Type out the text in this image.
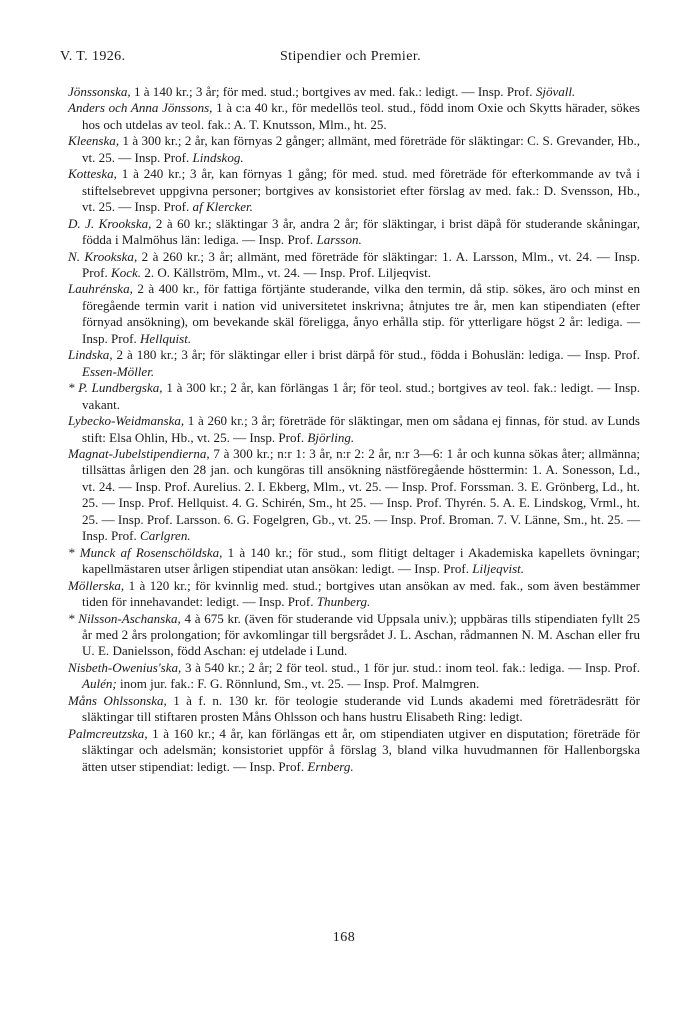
V. T. 1926.	Stipendier och Premier.

Jönssonska, 1 à 140 kr.; 3 år; för med. stud.; bortgives av med. fak.: ledigt. — Insp. Prof. Sjövall.

Anders och Anna Jönssons, 1 à c:a 40 kr., för medellös teol. stud., född inom Oxie och Skytts härader, sökes hos och utdelas av teol. fak.: A. T. Knutsson, Mlm., ht. 25.

Kleenska, 1 à 300 kr.; 2 år, kan förnyas 2 gånger; allmänt, med företräde för släktingar: C. S. Grevander, Hb., vt. 25. — Insp. Prof. Lindskog.

Kotteska, 1 à 240 kr.; 3 år, kan förnyas 1 gång; för med. stud. med företräde för efterkommande av två i stiftelsebrevet uppgivna personer; bortgives av konsistoriet efter förslag av med. fak.: D. Svensson, Hb., vt. 25. — Insp. Prof. af Klercker.

D. J. Krookska, 2 à 60 kr.; släktingar 3 år, andra 2 år; för släktingar, i brist däpå för studerande skåningar, födda i Malmöhus län: lediga. — Insp. Prof. Larsson.

N. Krookska, 2 à 260 kr.; 3 år; allmänt, med företräde för släktingar: 1. A. Larsson, Mlm., vt. 24. — Insp. Prof. Kock. 2. O. Källström, Mlm., vt. 24. — Insp. Prof. Liljeqvist.

Lauhrénska, 2 à 400 kr., för fattiga förtjänte studerande, vilka den termin, då stip. sökes, äro och minst en föregående termin varit i nation vid universitetet inskrivna; åtnjutes tre år, men kan stipendiaten (efter förnyad ansökning), om bevekande skäl föreligga, ånyo erhålla stip. för ytterligare högst 2 år: lediga. — Insp. Prof. Hellquist.

Lindska, 2 à 180 kr.; 3 år; för släktingar eller i brist därpå för stud., födda i Bohuslän: lediga. — Insp. Prof. Essen-Möller.

* P. Lundbergska, 1 à 300 kr.; 2 år, kan förlängas 1 år; för teol. stud.; bortgives av teol. fak.: ledigt. — Insp. vakant.

Lybecko-Weidmanska, 1 à 260 kr.; 3 år; företräde för släktingar, men om sådana ej finnas, för stud. av Lunds stift: Elsa Ohlin, Hb., vt. 25. — Insp. Prof. Björling.

Magnat-Jubelstipendierna, 7 à 300 kr.; n:r 1: 3 år, n:r 2: 2 år, n:r 3—6: 1 år och kunna sökas åter; allmänna; tillsättas årligen den 28 jan. och kungöras till ansökning nästföregående hösttermin: 1. A. Sonesson, Ld., vt. 24. — Insp. Prof. Aurelius. 2. I. Ekberg, Mlm., vt. 25. — Insp. Prof. Forssman. 3. E. Grönberg, Ld., ht. 25. — Insp. Prof. Hellquist. 4. G. Schirén, Sm., ht 25. — Insp. Prof. Thyrén. 5. A. E. Lindskog, Vrml., ht. 25. — Insp. Prof. Larsson. 6. G. Fogelgren, Gb., vt. 25. — Insp. Prof. Broman. 7. V. Länne, Sm., ht. 25. — Insp. Prof. Carlgren.

* Munck af Rosenschöldska, 1 à 140 kr.; för stud., som flitigt deltager i Akademiska kapellets övningar; kapellmästaren utser årligen stipendiat utan ansökan: ledigt. — Insp. Prof. Liljeqvist.

Möllerska, 1 à 120 kr.; för kvinnlig med. stud.; bortgives utan ansökan av med. fak., som även bestämmer tiden för innehavandet: ledigt. — Insp. Prof. Thunberg.

* Nilsson-Aschanska, 4 à 675 kr. (även för studerande vid Uppsala univ.); uppbäras tills stipendiaten fyllt 25 år med 2 års prolongation; för avkomlingar till bergsrådet J. L. Aschan, rådmannen N. M. Aschan eller fru U. E. Danielsson, född Aschan: ej utdelade i Lund.

Nisbeth-Owenius'ska, 3 à 540 kr.; 2 år; 2 för teol. stud., 1 för jur. stud.: inom teol. fak.: lediga. — Insp. Prof. Aulén; inom jur. fak.: F. G. Rönnlund, Sm., vt. 25. — Insp. Prof. Malmgren.

Måns Ohlssonska, 1 à f. n. 130 kr. för teologie studerande vid Lunds akademi med företrädesrätt för släktingar till stiftaren prosten Måns Ohlsson och hans hustru Elisabeth Ring: ledigt.

Palmcreutzska, 1 à 160 kr.; 4 år, kan förlängas ett år, om stipendiaten utgiver en disputation; företräde för släktingar och adelsmän; konsistoriet uppför å förslag 3, bland vilka huvudmannen för Hallenborgska ätten utser stipendiat: ledigt. — Insp. Prof. Ernberg.

168
